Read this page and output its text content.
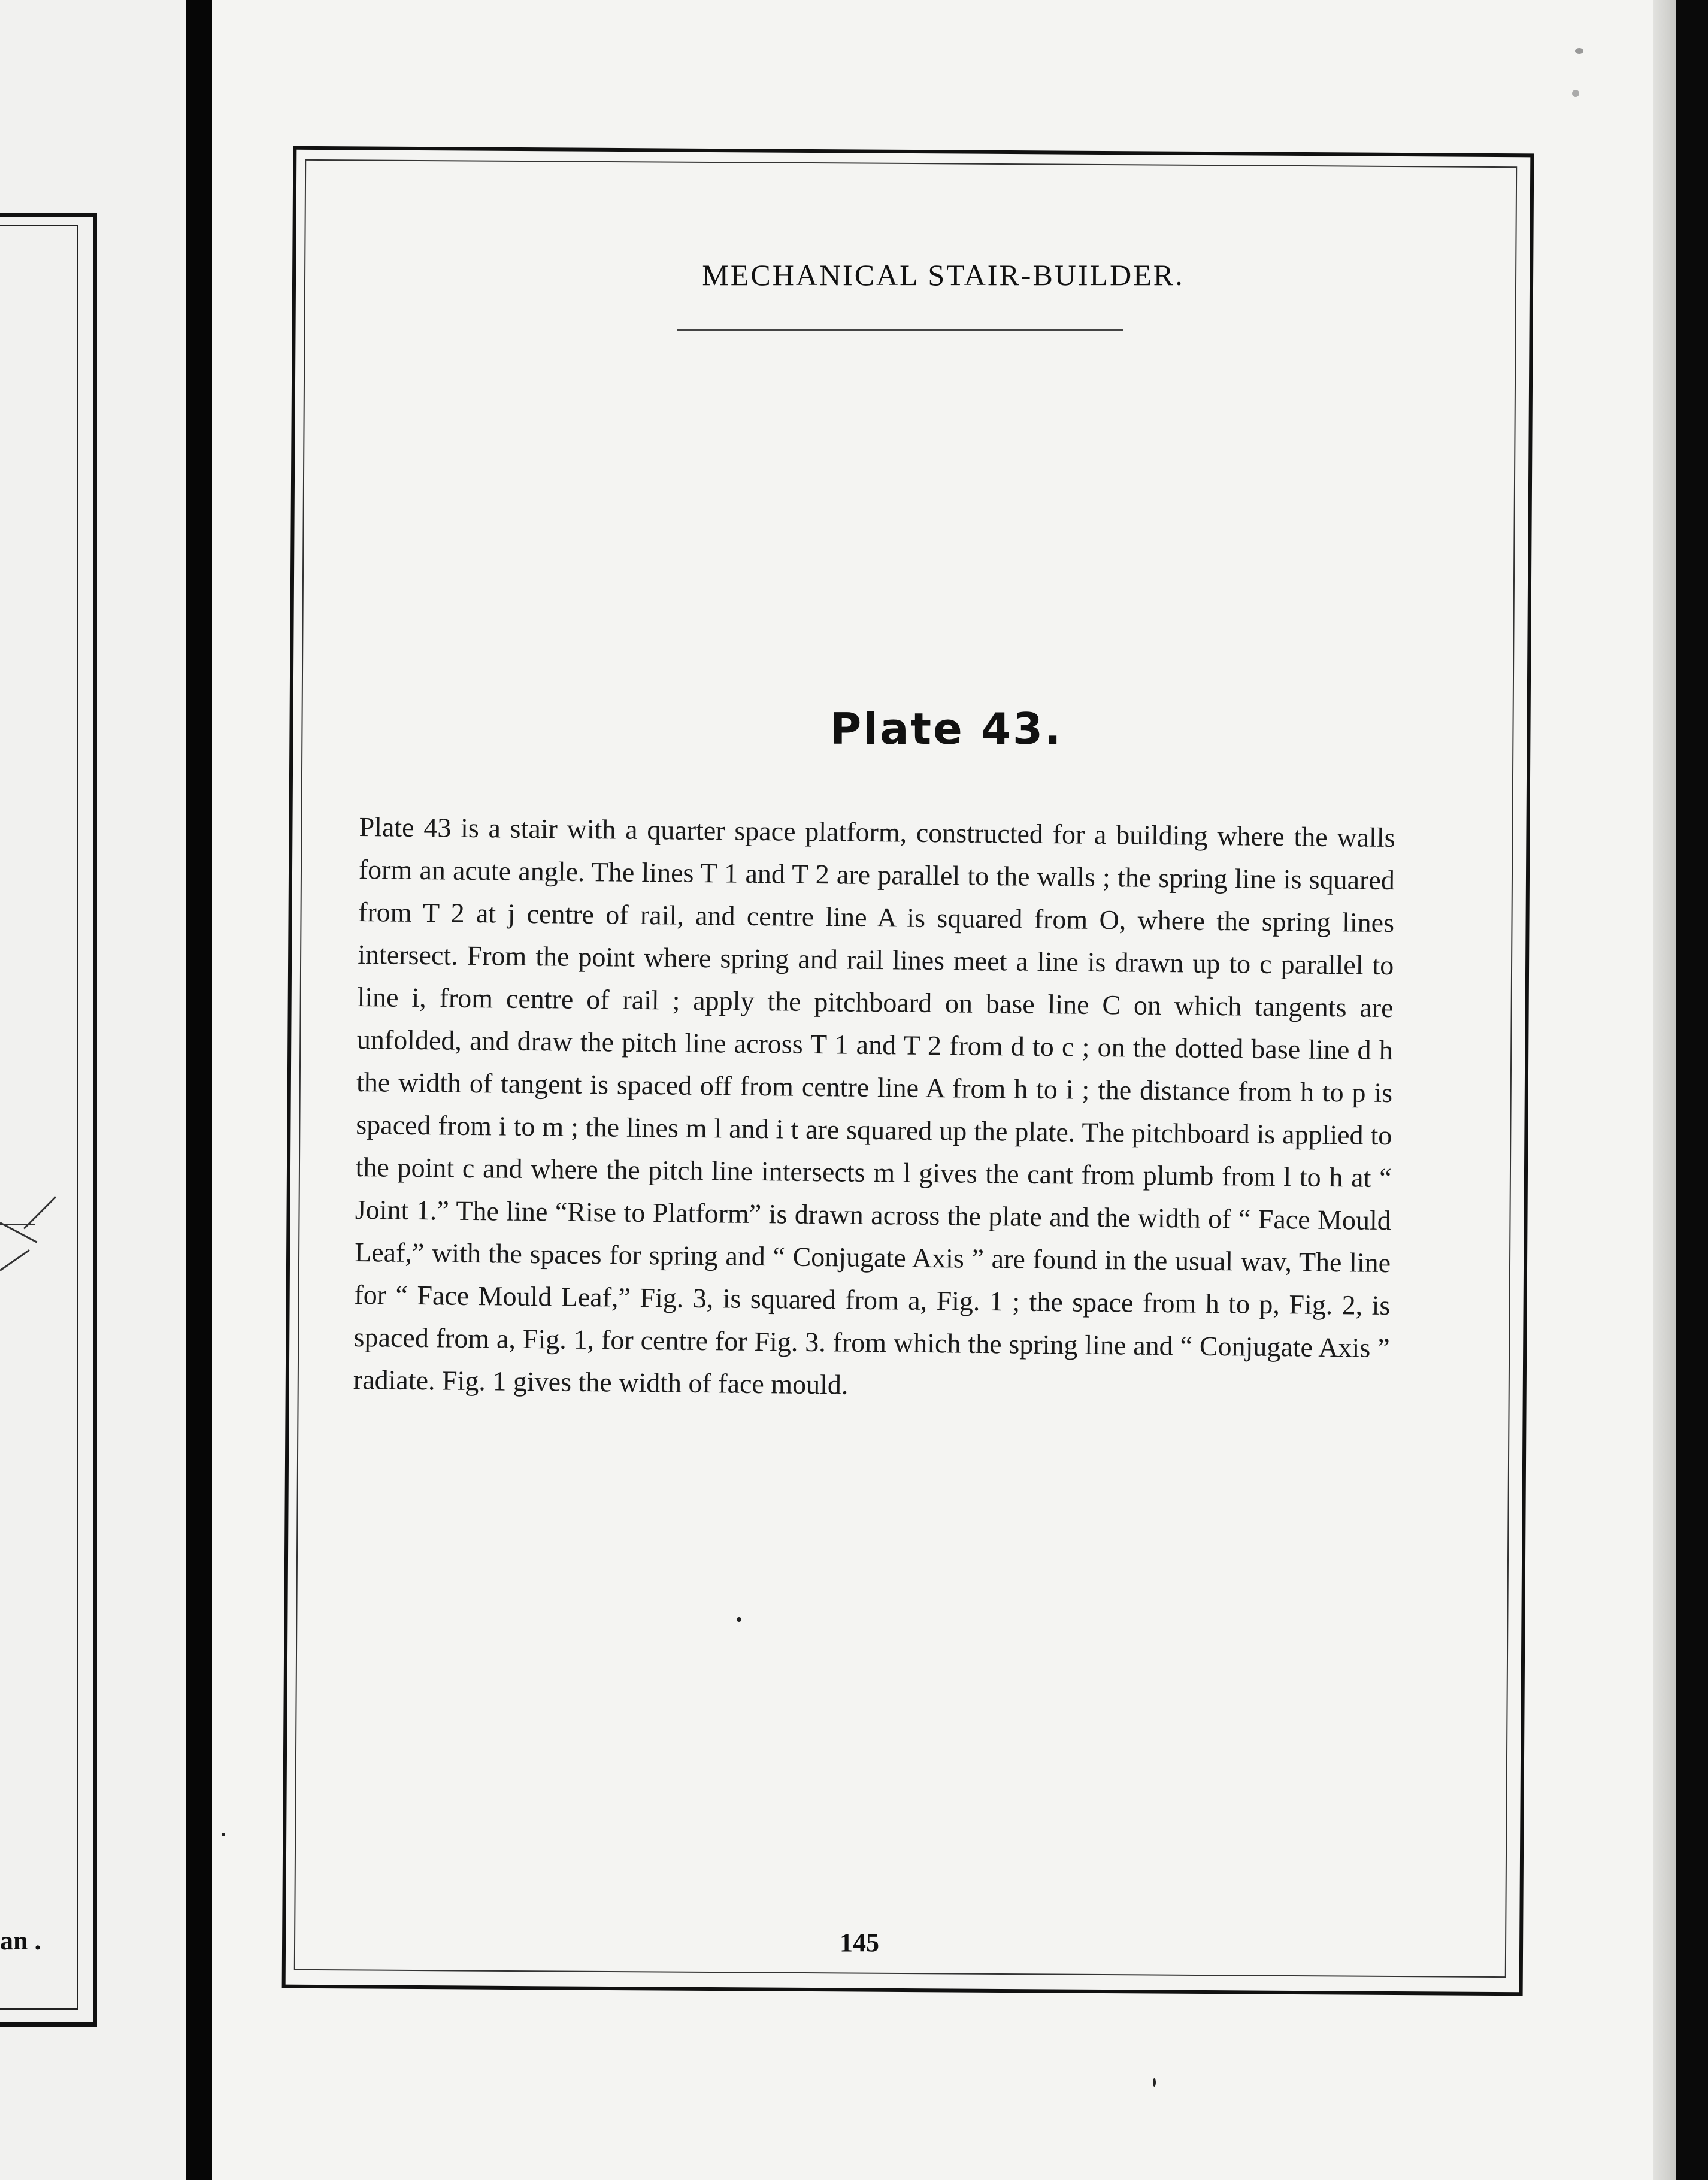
an .
MECHANICAL STAIR-BUILDER.
Plate 43.
Plate 43 is a stair with a quarter space platform, constructed for a building where the walls form an acute angle. The lines T 1 and T 2 are parallel to the walls ; the spring line is squared from T 2 at j centre of rail, and centre line A is squared from O, where the spring lines intersect. From the point where spring and rail lines meet a line is drawn up to c parallel to line i, from centre of rail ; apply the pitchboard on base line C on which tangents are unfolded, and draw the pitch line across T 1 and T 2 from d to c ; on the dotted base line d h the width of tangent is spaced off from centre line A from h to i ; the distance from h to p is spaced from i to m ; the lines m l and i t are squared up the plate. The pitchboard is applied to the point c and where the pitch line intersects m l gives the cant from plumb from l to h at “ Joint 1.” The line “Rise to Platform” is drawn across the plate and the width of “ Face Mould Leaf,” with the spaces for spring and “ Conjugate Axis ” are found in the usual wav, The line for “ Face Mould Leaf,” Fig. 3, is squared from a, Fig. 1 ; the space from h to p, Fig. 2, is spaced from a, Fig. 1, for centre for Fig. 3. from which the spring line and “ Conjugate Axis ” radiate. Fig. 1 gives the width of face mould.
145
